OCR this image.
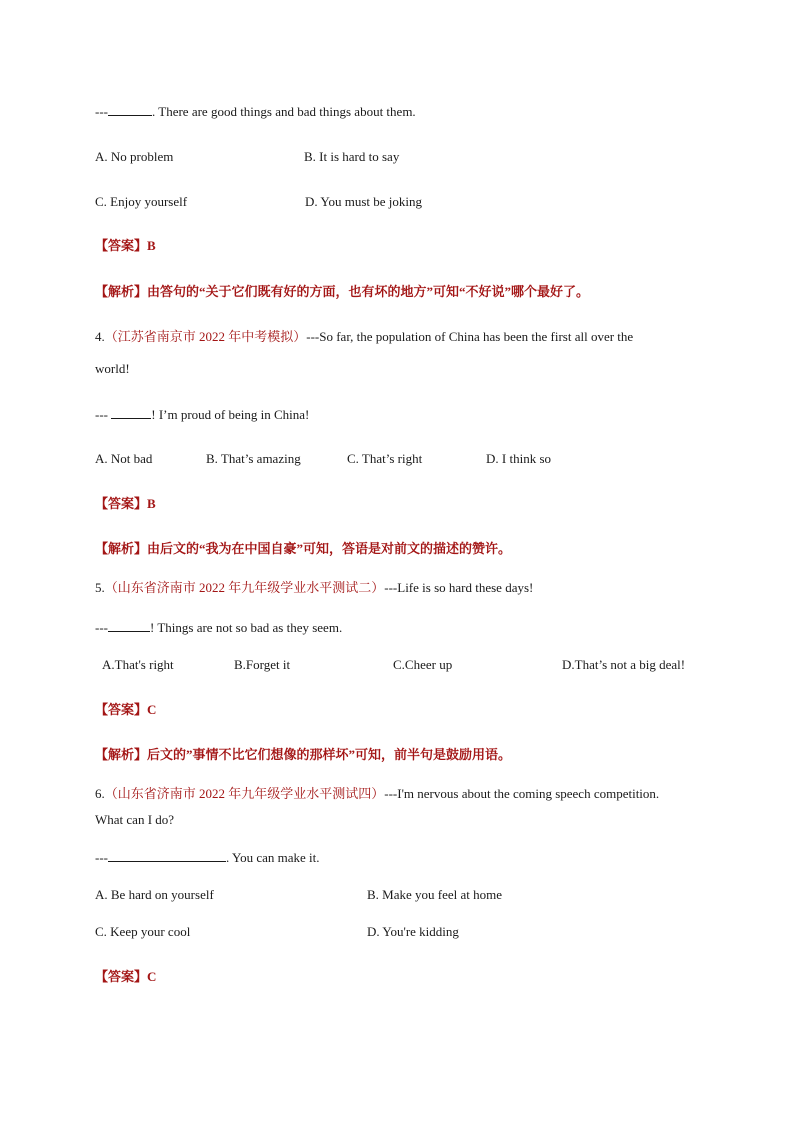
---	. There are good things and bad things about them.
A. No problem	B. It is hard to say
C. Enjoy yourself	D. You must be joking
【答案】B
【解析】由答句的“关于它们既有好的方面，也有坏的地方”可知“不好说”哪个最好了。
4.（江苏省南京市 2022 年中考模拟）---So far, the population of China has been the first all over the
world!
---	! I’m proud of being in China!
A. Not bad	B. That’s amazing	C. That’s right	D. I think so
【答案】B
【解析】由后文的“我为在中国自豪”可知，答语是对前文的描述的赞许。
5.（山东省济南市 2022 年九年级学业水平测试二）---Life is so hard these days!
---	! Things are not so bad as they seem.
A.That's right	B.Forget it	C.Cheer up	D.That’s not a big deal!
【答案】C
【解析】后文的”事情不比它们想像的那样坏”可知，前半句是鼓励用语。
6.（山东省济南市 2022 年九年级学业水平测试四）---I'm nervous about the coming speech competition.
What can I do?
---	. You can make it.
A. Be hard on yourself	B. Make you feel at home
C. Keep your cool	D. You're kidding
【答案】C
